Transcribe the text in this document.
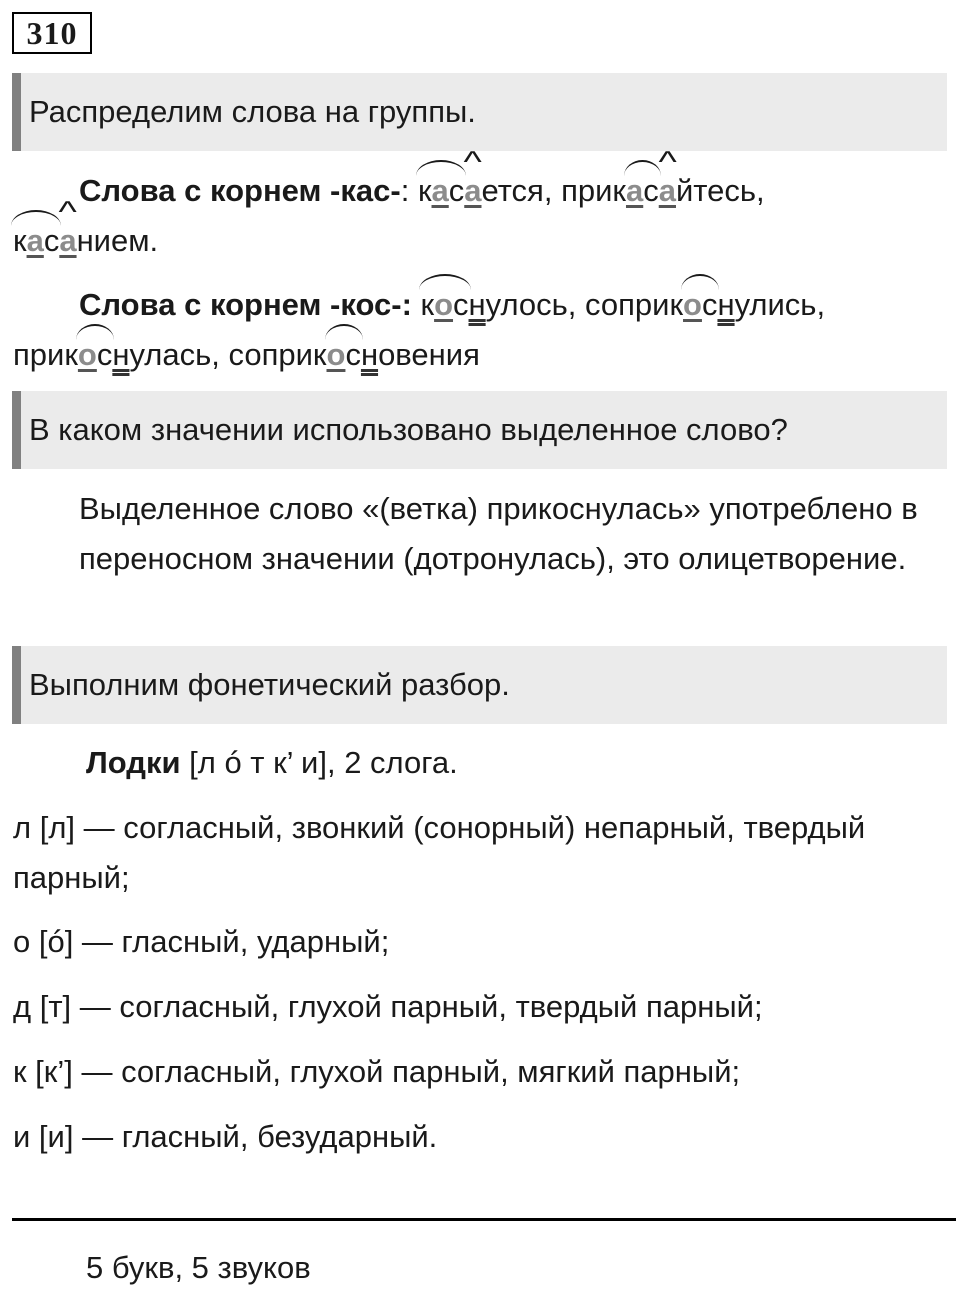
310
Распределим слова на группы.
Слова с корнем -кас-: кас^ ается, прикас^ айтесь,
кас^ анием.
Слова с корнем -кос-: коснулось, соприкоснулись,
прикоснулась, соприкосновения
В каком значении использовано выделенное слово?
Выделенное слово «(ветка) прикоснулась» употреблено в переносном значении (дотронулась), это олицетворение.
Выполним фонетический разбор.
Лодки [л ó т к’ и], 2 слога.
л [л] — согласный, звонкий (сонорный) непарный, твердый парный;
о [ó] — гласный, ударный;
д [т] — согласный, глухой парный, твердый парный;
к [к’] — согласный, глухой парный, мягкий парный;
и [и] — гласный, безударный.
5 букв, 5 звуков
